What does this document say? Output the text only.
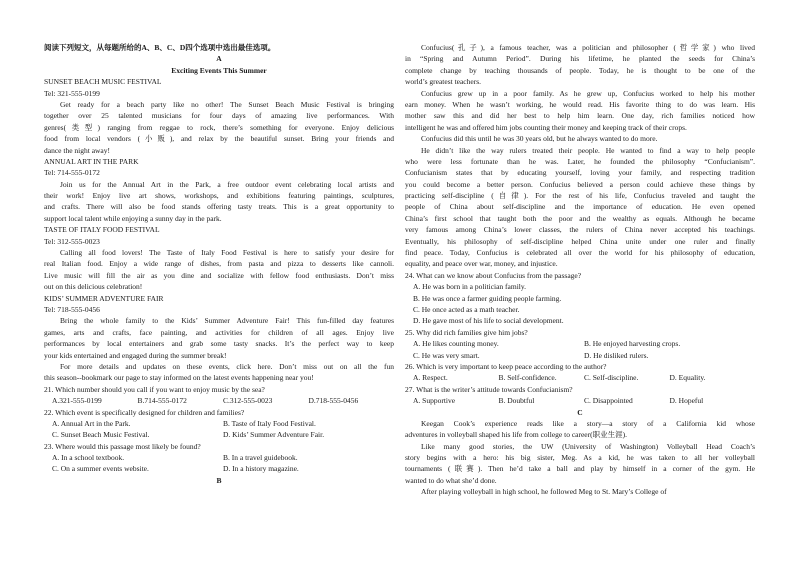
阅读下列短文，从每题所给的A、B、C、D四个选项中选出最佳选项。
A
Exciting Events This Summer
SUNSET BEACH MUSIC FESTIVAL
Tel: 321-555-0199
Get ready for a beach party like no other! The Sunset Beach Music Festival is bringing
together over 25 talented musicians for four days of amazing live performances. With
genres(类型) ranging from reggae to rock, there’s something for everyone. Enjoy delicious
food from local vendors (小贩), and relax by the beautiful sunset. Bring your friends and
dance the night away!
ANNUAL ART IN THE PARK
Tel: 714-555-0172
Join us for the Annual Art in the Park, a free outdoor event celebrating local artists and
their work! Enjoy live art shows, workshops, and exhibitions featuring paintings, sculptures,
and crafts. There will also be food stands offering tasty treats. This is a great opportunity to
support local talent while enjoying a sunny day in the park.
TASTE OF ITALY FOOD FESTIVAL
Tel: 312-555-0023
Calling all food lovers! The Taste of Italy Food Festival is here to satisfy your desire for
real Italian food. Enjoy a wide range of dishes, from pasta and pizza to desserts like cannoli.
Live music will fill the air as you dine and socialize with fellow food enthusiasts. Don’t miss
out on this delicious celebration!
KIDS’ SUMMER ADVENTURE FAIR
Tel: 718-555-0456
Bring the whole family to the Kids’ Summer Adventure Fair! This fun-filled day features
games, arts and crafts, face painting, and activities for children of all ages. Enjoy live
performances by local entertainers and grab some tasty snacks. It’s the perfect way to keep
your kids entertained and engaged during the summer break!
For more details and updates on these events, click here. Don’t miss out on all the fun
this season--bookmark our page to stay informed on the latest events happening near you!
21. Which number should you call if you want to enjoy music by the sea?
A.321-555-0199	B.714-555-0172	C.312-555-0023	D.718-555-0456
22. Which event is specifically designed for children and families?
A. Annual Art in the Park.	B. Taste of Italy Food Festival.
C. Sunset Beach Music Festival.	D. Kids’ Summer Adventure Fair.
23. Where would this passage most likely be found?
A. In a school textbook.	B. In a travel guidebook.
C. On a summer events website.	D. In a history magazine.
B
Confucius(孔子), a famous teacher, was a politician and philosopher (哲学家) who lived
in “Spring and Autumn Period”. During his lifetime, he planted the seeds for China’s
complete change by teaching thousands of people. Today, he is thought to be one of the
world’s greatest teachers.
Confucius grew up in a poor family. As he grew up, Confucius worked to help his mother
earn money. When he wasn’t working, he would read. His favorite thing to do was learn. His
mother saw this and did her best to help him learn. One day, rich families noticed how
intelligent he was and offered him jobs counting their money and keeping track of their crops.
Confucius did this until he was 30 years old, but he always wanted to do more.
He didn’t like the way rulers treated their people. He wanted to find a way to help people
who were less fortunate than he was. Later, he founded the philosophy “Confucianism”.
Confucianism states that by educating yourself, loving your family, and respecting tradition
you could become a better person. Confucius believed a person could achieve these things by
practicing self-discipline (自律). For the rest of his life, Confucius traveled and taught the
people of China about self-discipline and the importance of education. He even opened
China’s first school that taught both the poor and the wealthy as equals. Although he became
very famous among China’s lower classes, the rulers of China never accepted his teachings.
Eventually, his philosophy of self-discipline helped China unite under one ruler and finally
find peace. Today, Confucius is celebrated all over the world for his philosophy of education,
equality, and peace over war, money, and injustice.
24. What can we know about Confucius from the passage?
A. He was born in a politician family.
B. He was once a farmer guiding people farming.
C. He once acted as a math teacher.
D. He gave most of his life to social development.
25. Why did rich families give him jobs?
A. He likes counting money.	B. He enjoyed harvesting crops.
C. He was very smart.	D. He disliked rulers.
26. Which is very important to keep peace according to the author?
A. Respect.	B. Self-confidence.	C. Self-discipline.	D. Equality.
27. What is the writer’s attitude towards Confucianism?
A. Supportive	B. Doubtful	C. Disappointed	D. Hopeful
C
Keegan Cook’s experience reads like a story—a story of a California kid whose
adventures in volleyball shaped his life from college to career(职业生涯).
Like many good stories, the UW (University of Washington) Volleyball Head Coach’s
story begins with a hero: his big sister, Meg. As a kid, he was taken to all her volleyball
tournaments (联赛). Then he’d take a ball and play by himself in a corner of the gym. He
wanted to do what she’d done.
After playing volleyball in high school, he followed Meg to St. Mary’s College of
